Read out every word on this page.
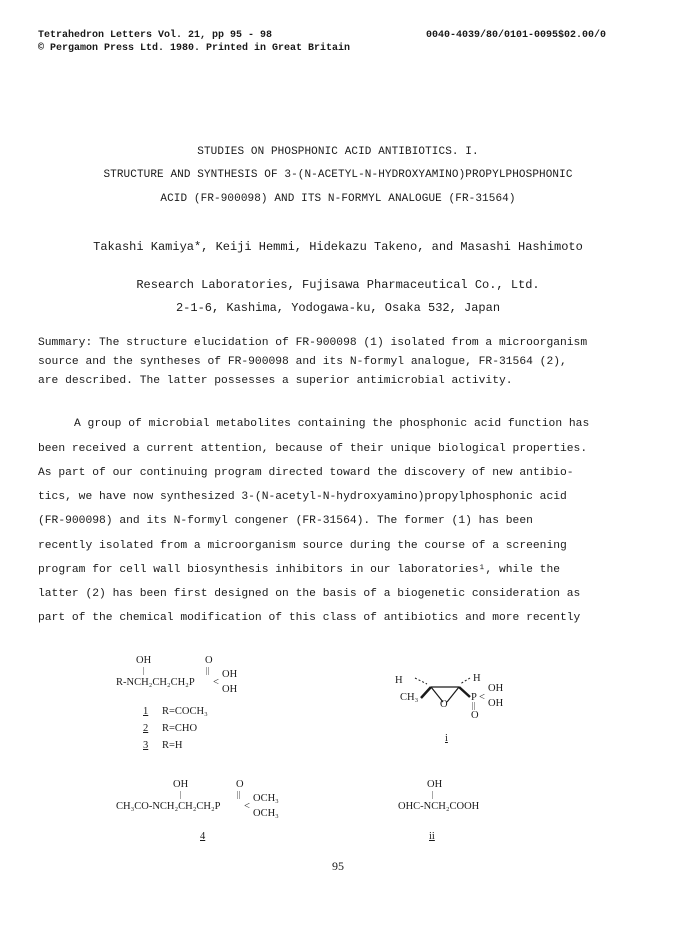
Tetrahedron Letters Vol. 21, pp 95 - 98
© Pergamon Press Ltd. 1980. Printed in Great Britain
0040-4039/80/0101-0095$02.00/0
STUDIES ON PHOSPHONIC ACID ANTIBIOTICS. I.
STRUCTURE AND SYNTHESIS OF 3-(N-ACETYL-N-HYDROXYAMINO)PROPYLPHOSPHONIC
ACID (FR-900098) AND ITS N-FORMYL ANALOGUE (FR-31564)
Takashi Kamiya*, Keiji Hemmi, Hidekazu Takeno, and Masashi Hashimoto
Research Laboratories, Fujisawa Pharmaceutical Co., Ltd.
2-1-6, Kashima, Yodogawa-ku, Osaka 532, Japan
Summary: The structure elucidation of FR-900098 (1) isolated from a microorganism
source and the syntheses of FR-900098 and its N-formyl analogue, FR-31564 (2),
are described. The latter possesses a superior antimicrobial activity.
A group of microbial metabolites containing the phosphonic acid function has
been received a current attention, because of their unique biological properties.
As part of our continuing program directed toward the discovery of new antibio-
tics, we have now synthesized 3-(N-acetyl-N-hydroxyamino)propylphosphonic acid
(FR-900098) and its N-formyl congener (FR-31564). The former (1) has been
recently isolated from a microorganism source during the course of a screening
program for cell wall biosynthesis inhibitors in our laboratories¹, while the
latter (2) has been first designed on the basis of a biogenetic consideration as
part of the chemical modification of this class of antibiotics and more recently
OH
|
O
||
R-NCH₂CH₂CH₂P <
OH
OH
1 R=COCH₃
2 R=CHO
3 R=H
H	H
CH₃
O
P <
OH
OH
||
O
i
OH
|
O
||
CH₃CO-NCH₂CH₂CH₂P <
OCH₃
OCH₃
4
OH
|
OHC-NCH₂COOH
ii
95
